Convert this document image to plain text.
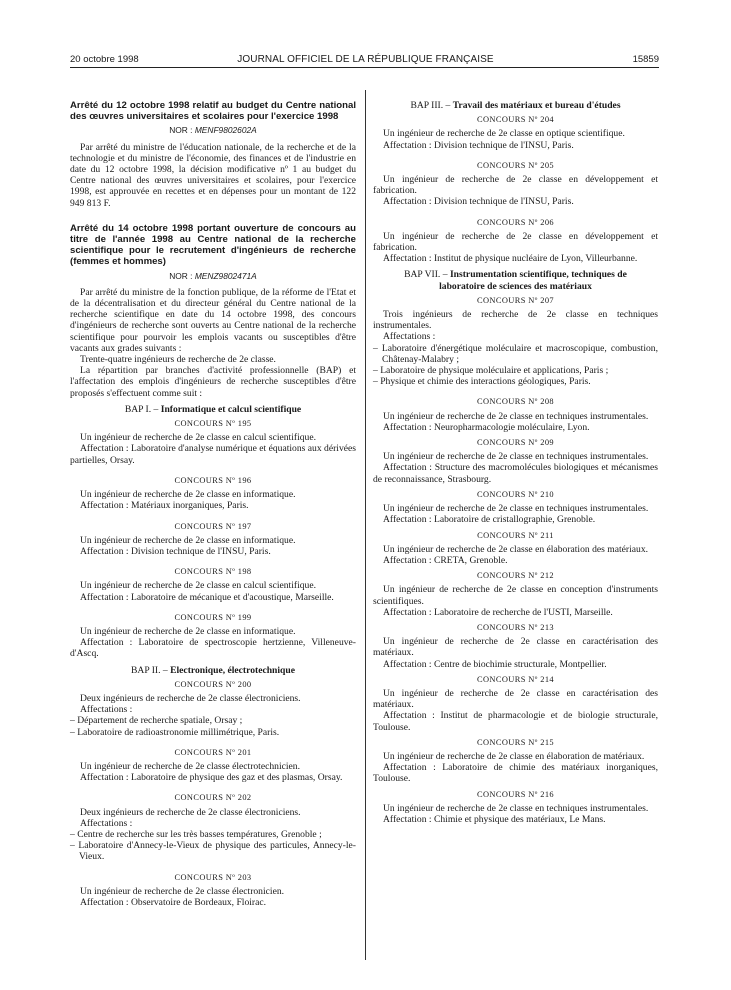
20 octobre 1998	JOURNAL OFFICIEL DE LA RÉPUBLIQUE FRANÇAISE	15859

Arrêté du 12 octobre 1998 relatif au budget du Centre national des œuvres universitaires et scolaires pour l'exercice 1998

NOR : MENF9802602A

Par arrêté du ministre de l'éducation nationale, de la recherche et de la technologie et du ministre de l'économie, des finances et de l'industrie en date du 12 octobre 1998, la décision modificative nº 1 au budget du Centre national des œuvres universitaires et scolaires, pour l'exercice 1998, est approuvée en recettes et en dépenses pour un montant de 122 949 813 F.

Arrêté du 14 octobre 1998 portant ouverture de concours au titre de l'année 1998 au Centre national de la recherche scientifique pour le recrutement d'ingénieurs de recherche (femmes et hommes)

NOR : MENZ9802471A

Par arrêté du ministre de la fonction publique, de la réforme de l'Etat et de la décentralisation et du directeur général du Centre national de la recherche scientifique en date du 14 octobre 1998, des concours d'ingénieurs de recherche sont ouverts au Centre national de la recherche scientifique pour pourvoir les emplois vacants ou susceptibles d'être vacants aux grades suivants :

Trente-quatre ingénieurs de recherche de 2e classe.

La répartition par branches d'activité professionnelle (BAP) et l'affectation des emplois d'ingénieurs de recherche susceptibles d'être proposés s'effectuent comme suit :

BAP I. – Informatique et calcul scientifique
CONCOURS Nº 195

Un ingénieur de recherche de 2e classe en calcul scientifique.

Affectation : Laboratoire d'analyse numérique et équations aux dérivées partielles, Orsay.

CONCOURS Nº 196

Un ingénieur de recherche de 2e classe en informatique.

Affectation : Matériaux inorganiques, Paris.

CONCOURS Nº 197

Un ingénieur de recherche de 2e classe en informatique.

Affectation : Division technique de l'INSU, Paris.

CONCOURS Nº 198

Un ingénieur de recherche de 2e classe en calcul scientifique.

Affectation : Laboratoire de mécanique et d'acoustique, Marseille.

CONCOURS Nº 199

Un ingénieur de recherche de 2e classe en informatique.

Affectation : Laboratoire de spectroscopie hertzienne, Villeneuve-d'Ascq.

BAP II. – Electronique, électrotechnique
CONCOURS Nº 200

Deux ingénieurs de recherche de 2e classe électroniciens.

Affectations :

– Département de recherche spatiale, Orsay ;

– Laboratoire de radioastronomie millimétrique, Paris.

CONCOURS Nº 201

Un ingénieur de recherche de 2e classe électrotechnicien.

Affectation : Laboratoire de physique des gaz et des plasmas, Orsay.

CONCOURS Nº 202

Deux ingénieurs de recherche de 2e classe électroniciens.

Affectations :

– Centre de recherche sur les très basses températures, Grenoble ;

– Laboratoire d'Annecy-le-Vieux de physique des particules, Annecy-le-Vieux.

CONCOURS Nº 203

Un ingénieur de recherche de 2e classe électronicien.

Affectation : Observatoire de Bordeaux, Floirac.

BAP III. – Travail des matériaux et bureau d'études
CONCOURS Nº 204

Un ingénieur de recherche de 2e classe en optique scientifique.

Affectation : Division technique de l'INSU, Paris.

CONCOURS Nº 205

Un ingénieur de recherche de 2e classe en développement et fabrication.

Affectation : Division technique de l'INSU, Paris.

CONCOURS Nº 206

Un ingénieur de recherche de 2e classe en développement et fabrication.

Affectation : Institut de physique nucléaire de Lyon, Villeurbanne.

BAP VII. – Instrumentation scientifique, techniques de laboratoire de sciences des matériaux
CONCOURS Nº 207

Trois ingénieurs de recherche de 2e classe en techniques instrumentales.

Affectations :

– Laboratoire d'énergétique moléculaire et macroscopique, combustion, Châtenay-Malabry ;

– Laboratoire de physique moléculaire et applications, Paris ;

– Physique et chimie des interactions géologiques, Paris.

CONCOURS Nº 208

Un ingénieur de recherche de 2e classe en techniques instrumentales.

Affectation : Neuropharmacologie moléculaire, Lyon.

CONCOURS Nº 209

Un ingénieur de recherche de 2e classe en techniques instrumentales.

Affectation : Structure des macromolécules biologiques et mécanismes de reconnaissance, Strasbourg.

CONCOURS Nº 210

Un ingénieur de recherche de 2e classe en techniques instrumentales.

Affectation : Laboratoire de cristallographie, Grenoble.

CONCOURS Nº 211

Un ingénieur de recherche de 2e classe en élaboration des matériaux.

Affectation : CRETA, Grenoble.

CONCOURS Nº 212

Un ingénieur de recherche de 2e classe en conception d'instruments scientifiques.

Affectation : Laboratoire de recherche de l'USTI, Marseille.

CONCOURS Nº 213

Un ingénieur de recherche de 2e classe en caractérisation des matériaux.

Affectation : Centre de biochimie structurale, Montpellier.

CONCOURS Nº 214

Un ingénieur de recherche de 2e classe en caractérisation des matériaux.

Affectation : Institut de pharmacologie et de biologie structurale, Toulouse.

CONCOURS Nº 215

Un ingénieur de recherche de 2e classe en élaboration de matériaux.

Affectation : Laboratoire de chimie des matériaux inorganiques, Toulouse.

CONCOURS Nº 216

Un ingénieur de recherche de 2e classe en techniques instrumentales.

Affectation : Chimie et physique des matériaux, Le Mans.
